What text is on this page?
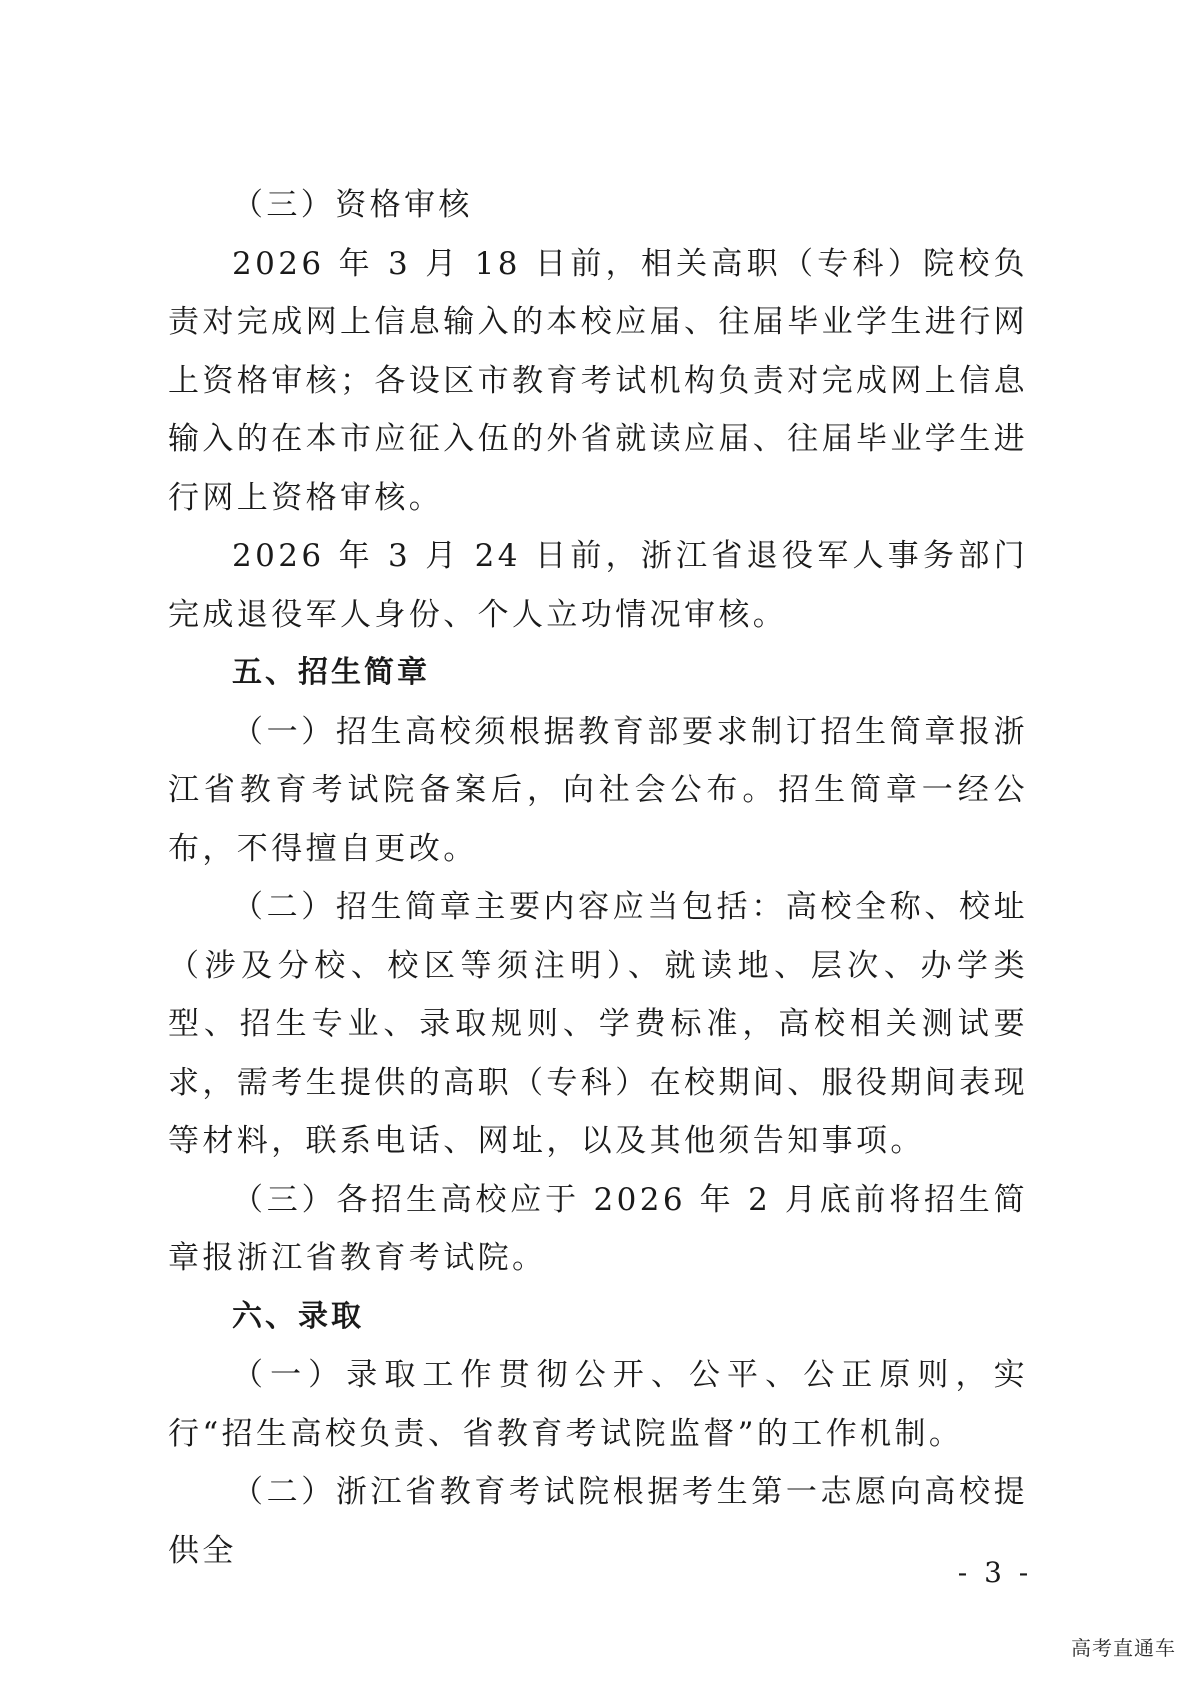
（三）资格审核

2026 年 3 月 18 日前，相关高职（专科）院校负责对完成网上信息输入的本校应届、往届毕业学生进行网上资格审核；各设区市教育考试机构负责对完成网上信息输入的在本市应征入伍的外省就读应届、往届毕业学生进行网上资格审核。

2026 年 3 月 24 日前，浙江省退役军人事务部门完成退役军人身份、个人立功情况审核。

五、招生简章

（一）招生高校须根据教育部要求制订招生简章报浙江省教育考试院备案后，向社会公布。招生简章一经公布，不得擅自更改。

（二）招生简章主要内容应当包括：高校全称、校址（涉及分校、校区等须注明）、就读地、层次、办学类型、招生专业、录取规则、学费标准，高校相关测试要求，需考生提供的高职（专科）在校期间、服役期间表现等材料，联系电话、网址，以及其他须告知事项。

（三）各招生高校应于 2026 年 2 月底前将招生简章报浙江省教育考试院。

六、录取

（一）录取工作贯彻公开、公平、公正原则，实行“招生高校负责、省教育考试院监督”的工作机制。

（二）浙江省教育考试院根据考生第一志愿向高校提供全

- 3 -
高考直通车
